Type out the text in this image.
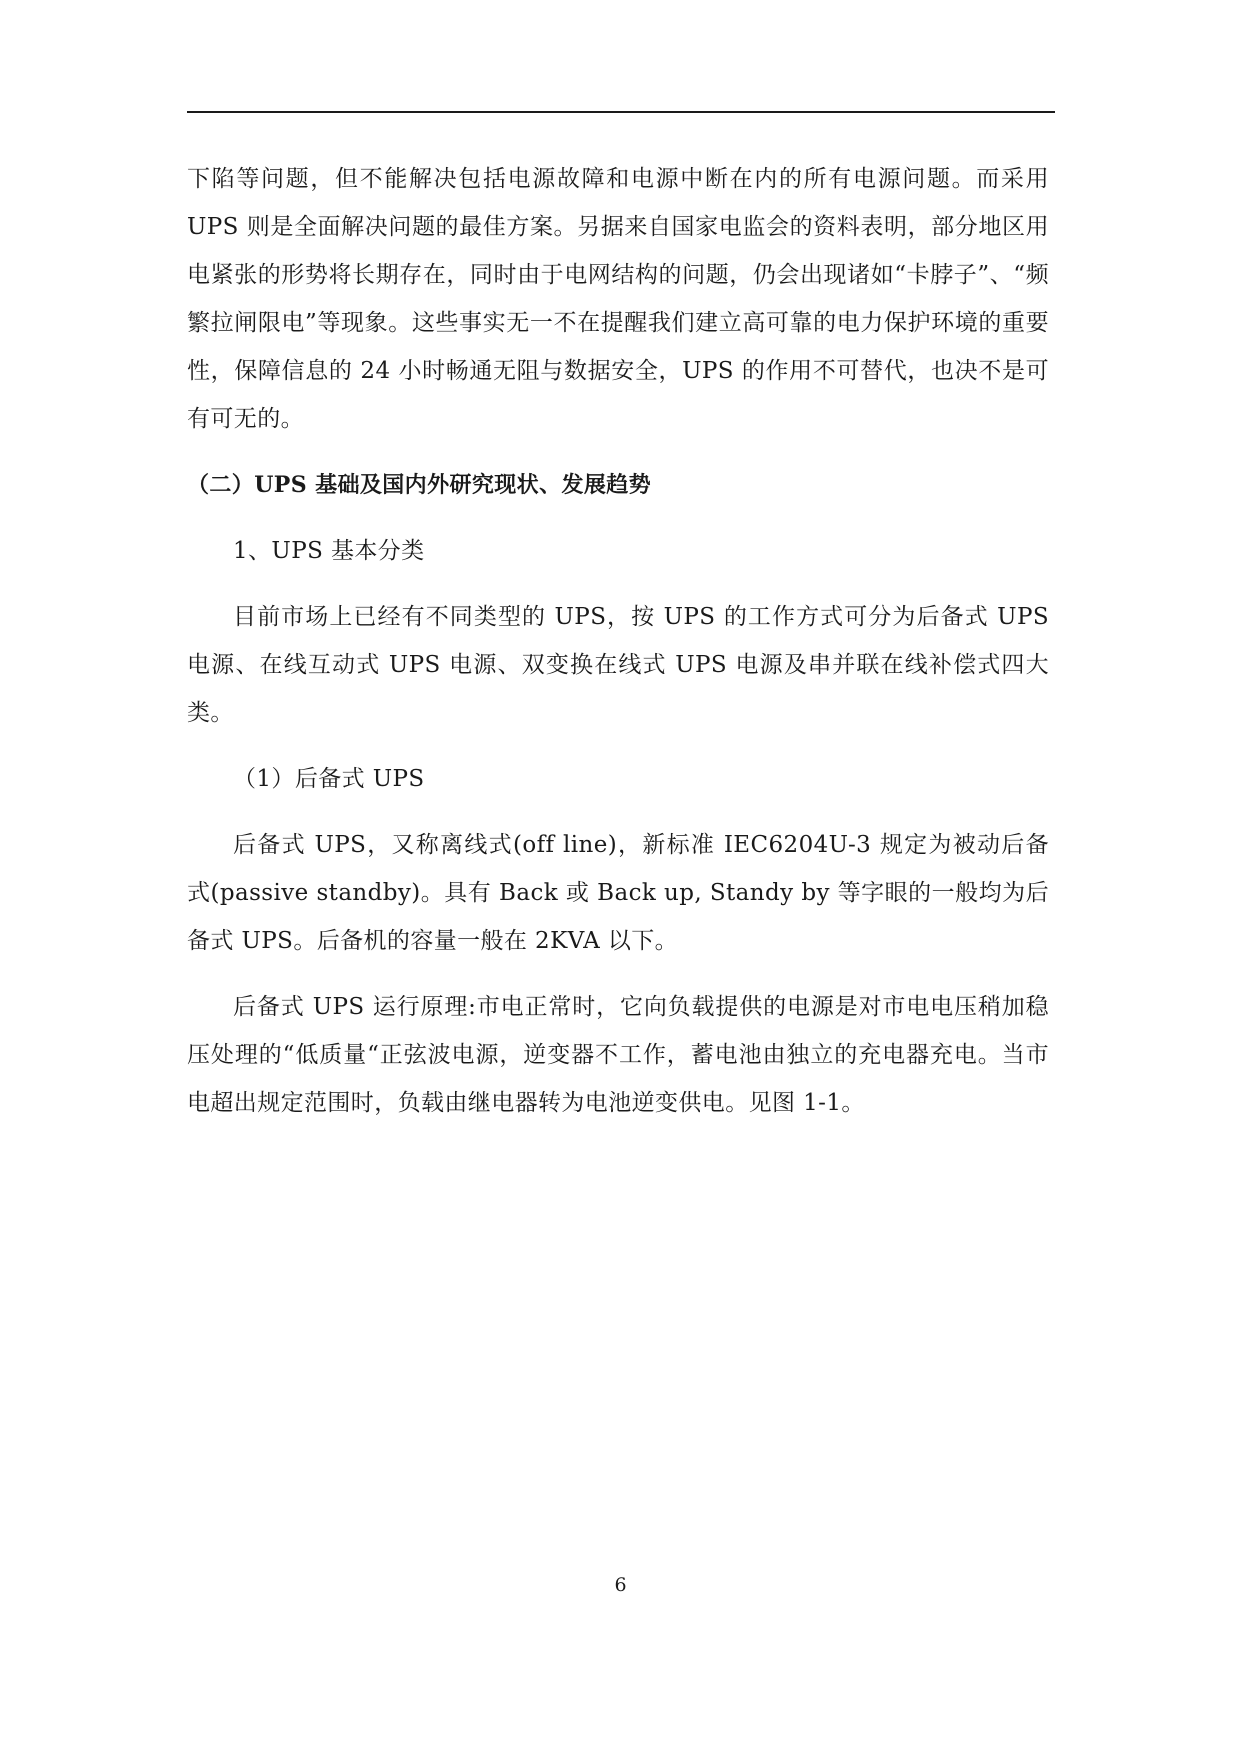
下陷等问题，但不能解决包括电源故障和电源中断在内的所有电源问题。而采用 UPS 则是全面解决问题的最佳方案。另据来自国家电监会的资料表明，部分地区用电紧张的形势将长期存在，同时由于电网结构的问题，仍会出现诸如“卡脖子”、“频繁拉闸限电”等现象。这些事实无一不在提醒我们建立高可靠的电力保护环境的重要性，保障信息的 24 小时畅通无阻与数据安全，UPS 的作用不可替代，也决不是可有可无的。

（二）UPS 基础及国内外研究现状、发展趋势

1、UPS 基本分类

目前市场上已经有不同类型的 UPS，按 UPS 的工作方式可分为后备式 UPS 电源、在线互动式 UPS 电源、双变换在线式 UPS 电源及串并联在线补偿式四大类。

（1）后备式 UPS

后备式 UPS，又称离线式(off line)，新标准 IEC6204U-3 规定为被动后备式(passive standby)。具有 Back 或 Back up, Standy by 等字眼的一般均为后备式 UPS。后备机的容量一般在 2KVA 以下。

后备式 UPS 运行原理:市电正常时，它向负载提供的电源是对市电电压稍加稳压处理的“低质量“正弦波电源，逆变器不工作，蓄电池由独立的充电器充电。当市电超出规定范围时，负载由继电器转为电池逆变供电。见图 1-1。

6
